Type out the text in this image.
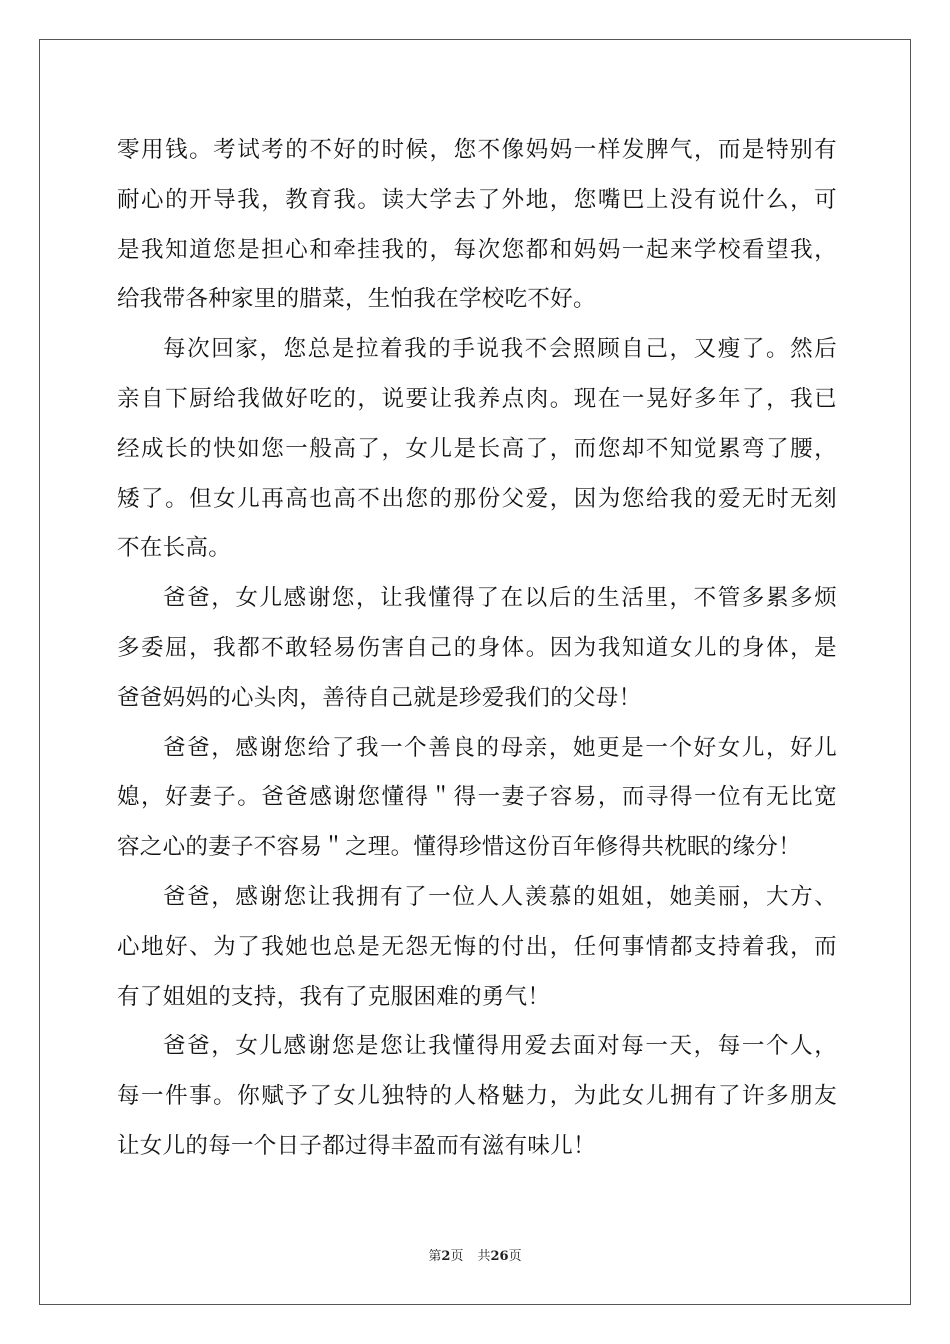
零用钱。考试考的不好的时候，您不像妈妈一样发脾气，而是特别有
耐心的开导我，教育我。读大学去了外地，您嘴巴上没有说什么，可
是我知道您是担心和牵挂我的，每次您都和妈妈一起来学校看望我，
给我带各种家里的腊菜，生怕我在学校吃不好。
每次回家，您总是拉着我的手说我不会照顾自己，又瘦了。然后
亲自下厨给我做好吃的，说要让我养点肉。现在一晃好多年了，我已
经成长的快如您一般高了，女儿是长高了，而您却不知觉累弯了腰，
矮了。但女儿再高也高不出您的那份父爱，因为您给我的爱无时无刻
不在长高。
爸爸，女儿感谢您，让我懂得了在以后的生活里，不管多累多烦
多委屈，我都不敢轻易伤害自己的身体。因为我知道女儿的身体，是
爸爸妈妈的心头肉，善待自己就是珍爱我们的父母！
爸爸，感谢您给了我一个善良的母亲，她更是一个好女儿，好儿
媳，好妻子。爸爸感谢您懂得＂得一妻子容易，而寻得一位有无比宽
容之心的妻子不容易＂之理。懂得珍惜这份百年修得共枕眠的缘分！
爸爸，感谢您让我拥有了一位人人羡慕的姐姐，她美丽，大方、
心地好、为了我她也总是无怨无悔的付出，任何事情都支持着我，而
有了姐姐的支持，我有了克服困难的勇气！
爸爸，女儿感谢您是您让我懂得用爱去面对每一天，每一个人，
每一件事。你赋予了女儿独特的人格魅力，为此女儿拥有了许多朋友
让女儿的每一个日子都过得丰盈而有滋有味儿！
第2页 共26页
